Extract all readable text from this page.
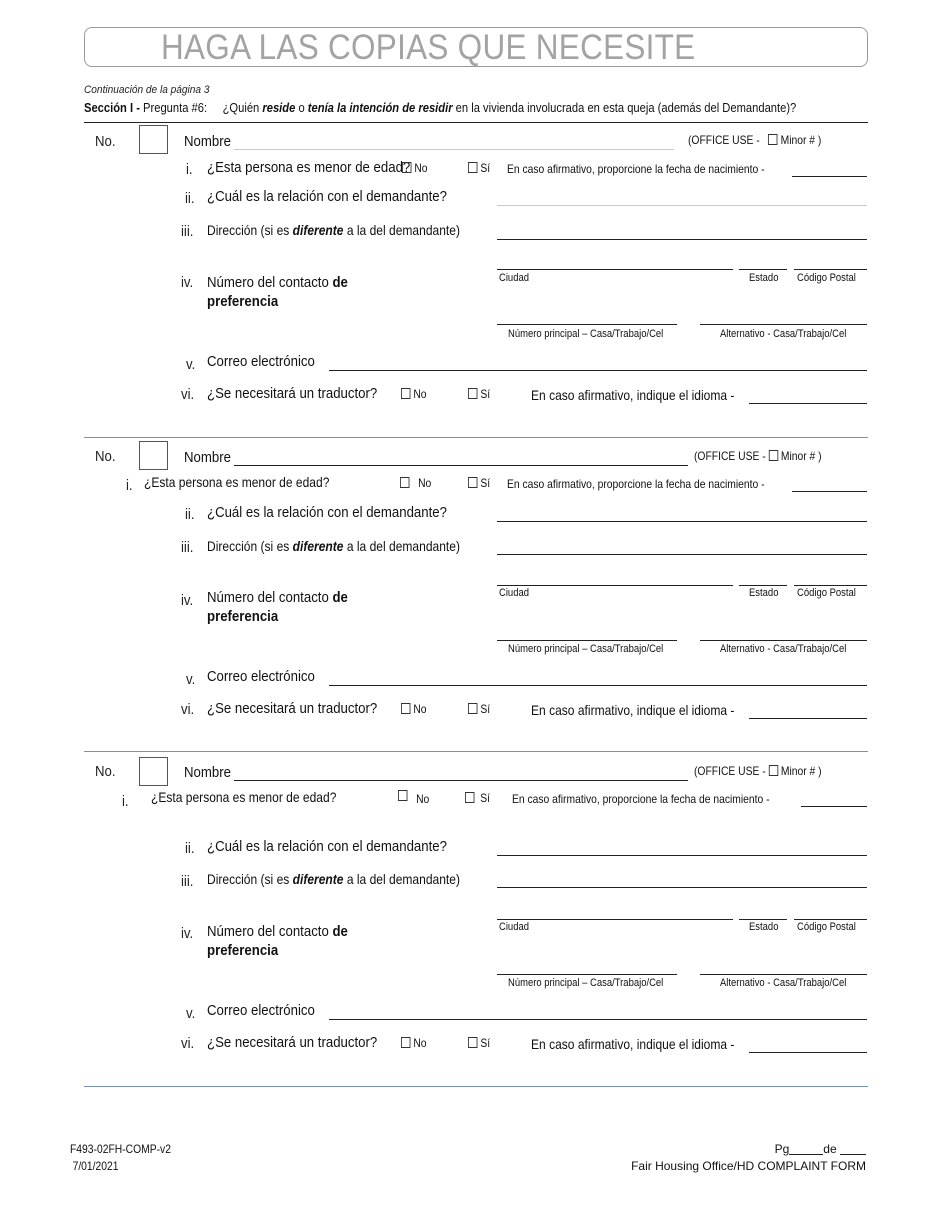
HAGA LAS COPIAS QUE NECESITE
Continuación de la página 3
Sección I - Pregunta #6: ¿Quién reside o tenía la intención de residir en la vivienda involucrada en esta queja (además del Demandante)?
No.	Nombre	(OFFICE USE - Minor # )
i. ¿Esta persona es menor de edad? No	Sí En caso afirmativo, proporcione la fecha de nacimiento -
ii. ¿Cuál es la relación con el demandante?
iii. Dirección (si es diferente a la del demandante)
Ciudad	Estado Código Postal
iv. Número del contacto de
preferencia
Número principal – Casa/Trabajo/Cel	Alternativo - Casa/Trabajo/Cel
v. Correo electrónico
vi. ¿Se necesitará un traductor?	No	Sí	En caso afirmativo, indique el idioma -
No.	Nombre	(OFFICE USE - Minor # )
i. ¿Esta persona es menor de edad?	No	Sí En caso afirmativo, proporcione la fecha de nacimiento -
ii. ¿Cuál es la relación con el demandante?
iii. Dirección (si es diferente a la del demandante)
Ciudad	Estado Código Postal
iv. Número del contacto de
preferencia
Número principal – Casa/Trabajo/Cel	Alternativo - Casa/Trabajo/Cel
v. Correo electrónico
vi. ¿Se necesitará un traductor?	No	Sí	En caso afirmativo, indique el idioma -
No.	Nombre	(OFFICE USE - Minor # )
i. ¿Esta persona es menor de edad?	No	Sí En caso afirmativo, proporcione la fecha de nacimiento -
ii. ¿Cuál es la relación con el demandante?
iii. Dirección (si es diferente a la del demandante)
Ciudad	Estado Código Postal
iv. Número del contacto de
preferencia
Número principal – Casa/Trabajo/Cel	Alternativo - Casa/Trabajo/Cel
v. Correo electrónico
vi. ¿Se necesitará un traductor?	No	Sí	En caso afirmativo, indique el idioma -
F493-02FH-COMP-v2
7/01/2021
Pg	de
Fair Housing Office/HD COMPLAINT FORM
